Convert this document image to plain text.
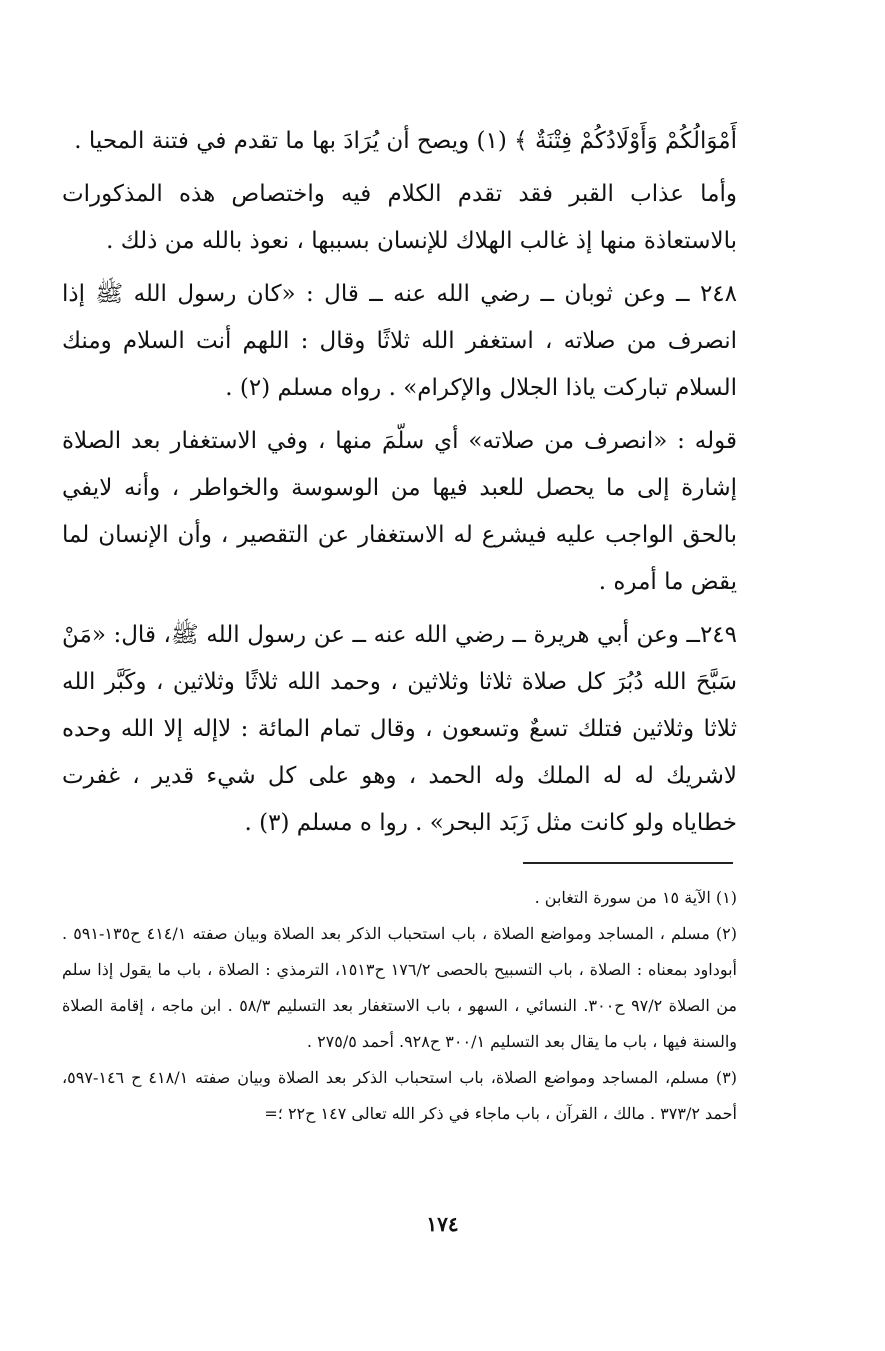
أَمْوَالُكُمْ وَأَوْلَادُكُمْ فِتْنَةٌ ﴾ (١) ويصح أن يُرَادَ بها ما تقدم في فتنة المحيا .

وأما عذاب القبر فقد تقدم الكلام فيه واختصاص هذه المذكورات بالاستعاذة منها إذ غالب الهلاك للإنسان بسببها ، نعوذ بالله من ذلك .

٢٤٨ ــ وعن ثوبان ــ رضي الله عنه ــ قال : «كان رسول الله ﷺ إذا انصرف من صلاته ، استغفر الله ثلاثًا وقال : اللهم أنت السلام ومنك السلام تباركت ياذا الجلال والإكرام» . رواه مسلم (٢) .

قوله : «انصرف من صلاته» أي سلّمَ منها ، وفي الاستغفار بعد الصلاة إشارة إلى ما يحصل للعبد فيها من الوسوسة والخواطر ، وأنه لايفي بالحق الواجب عليه فيشرع له الاستغفار عن التقصير ، وأن الإنسان لما يقض ما أمره .

٢٤٩ــ وعن أبي هريرة ــ رضي الله عنه ــ عن رسول الله ﷺ، قال: «مَنْ سَبَّحَ الله دُبُرَ كل صلاة ثلاثا وثلاثين ، وحمد الله ثلاثًا وثلاثين ، وكَبَّر الله ثلاثا وثلاثين فتلك تسعٌ وتسعون ، وقال تمام المائة : لاإله إلا الله وحده لاشريك له له الملك وله الحمد ، وهو على كل شيء قدير ، غفرت خطاياه ولو كانت مثل زَبَد البحر» . روا ه مسلم (٣) .

(١) الآية ١٥ من سورة التغابن .

(٢) مسلم ، المساجد ومواضع الصلاة ، باب استحباب الذكر بعد الصلاة وبيان صفته ٤١٤/١ ح١٣٥-٥٩١ . أبوداود بمعناه : الصلاة ، باب التسبيح بالحصى ١٧٦/٢ ح١٥١٣، الترمذي : الصلاة ، باب ما يقول إذا سلم من الصلاة ٩٧/٢ ح٣٠٠. النسائي ، السهو ، باب الاستغفار بعد التسليم ٥٨/٣ . ابن ماجه ، إقامة الصلاة والسنة فيها ، باب ما يقال بعد التسليم ٣٠٠/١ ح٩٢٨. أحمد ٢٧٥/٥ .

(٣) مسلم، المساجد ومواضع الصلاة، باب استحباب الذكر بعد الصلاة وبيان صفته ٤١٨/١ ح ١٤٦-٥٩٧، أحمد ٣٧٣/٢ . مالك ، القرآن ، باب ماجاء في ذكر الله تعالى ١٤٧ ح٢٢ ؛=

١٧٤
